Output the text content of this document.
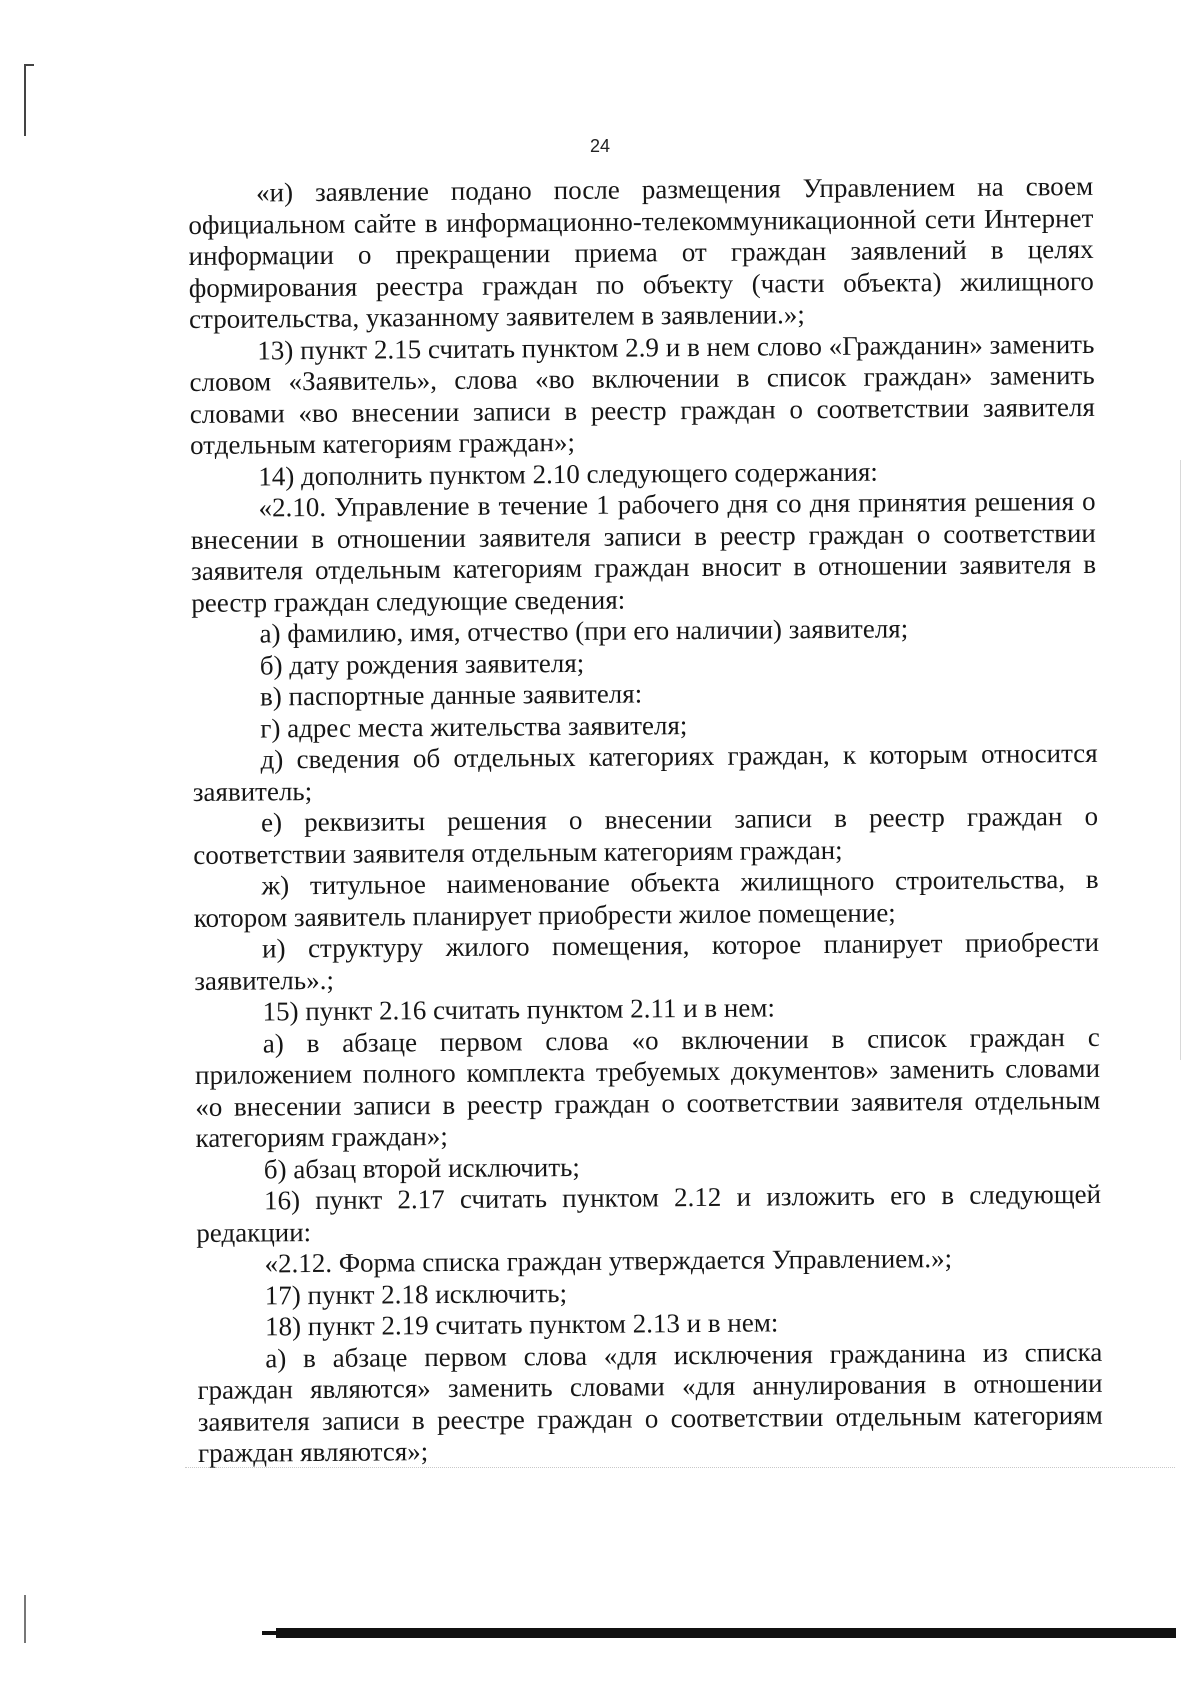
24

«и) заявление подано после размещения Управлением на своем официальном сайте в информационно-телекоммуникационной сети Интернет информации о прекращении приема от граждан заявлений в целях формирования реестра граждан по объекту (части объекта) жилищного строительства, указанному заявителем в заявлении.»;

13) пункт 2.15 считать пунктом 2.9 и в нем слово «Гражданин» заменить словом «Заявитель», слова «во включении в список граждан» заменить словами «во внесении записи в реестр граждан о соответствии заявителя отдельным категориям граждан»;

14) дополнить пунктом 2.10 следующего содержания:

«2.10. Управление в течение 1 рабочего дня со дня принятия решения о внесении в отношении заявителя записи в реестр граждан о соответствии заявителя отдельным категориям граждан вносит в отношении заявителя в реестр граждан следующие сведения:

а) фамилию, имя, отчество (при его наличии) заявителя;

б) дату рождения заявителя;

в) паспортные данные заявителя:

г) адрес места жительства заявителя;

д) сведения об отдельных категориях граждан, к которым относится заявитель;

е) реквизиты решения о внесении записи в реестр граждан о соответствии заявителя отдельным категориям граждан;

ж) титульное наименование объекта жилищного строительства, в котором заявитель планирует приобрести жилое помещение;

и) структуру жилого помещения, которое планирует приобрести заявитель».;

15) пункт 2.16 считать пунктом 2.11 и в нем:

а) в абзаце первом слова «о включении в список граждан с приложением полного комплекта требуемых документов» заменить словами «о внесении записи в реестр граждан о соответствии заявителя отдельным категориям граждан»;

б) абзац второй исключить;

16) пункт 2.17 считать пунктом 2.12 и изложить его в следующей редакции:

«2.12. Форма списка граждан утверждается Управлением.»;

17) пункт 2.18 исключить;

18) пункт 2.19 считать пунктом 2.13 и в нем:

а) в абзаце первом слова «для исключения гражданина из списка граждан являются» заменить словами «для аннулирования в отношении заявителя записи в реестре граждан о соответствии отдельным категориям граждан являются»;
